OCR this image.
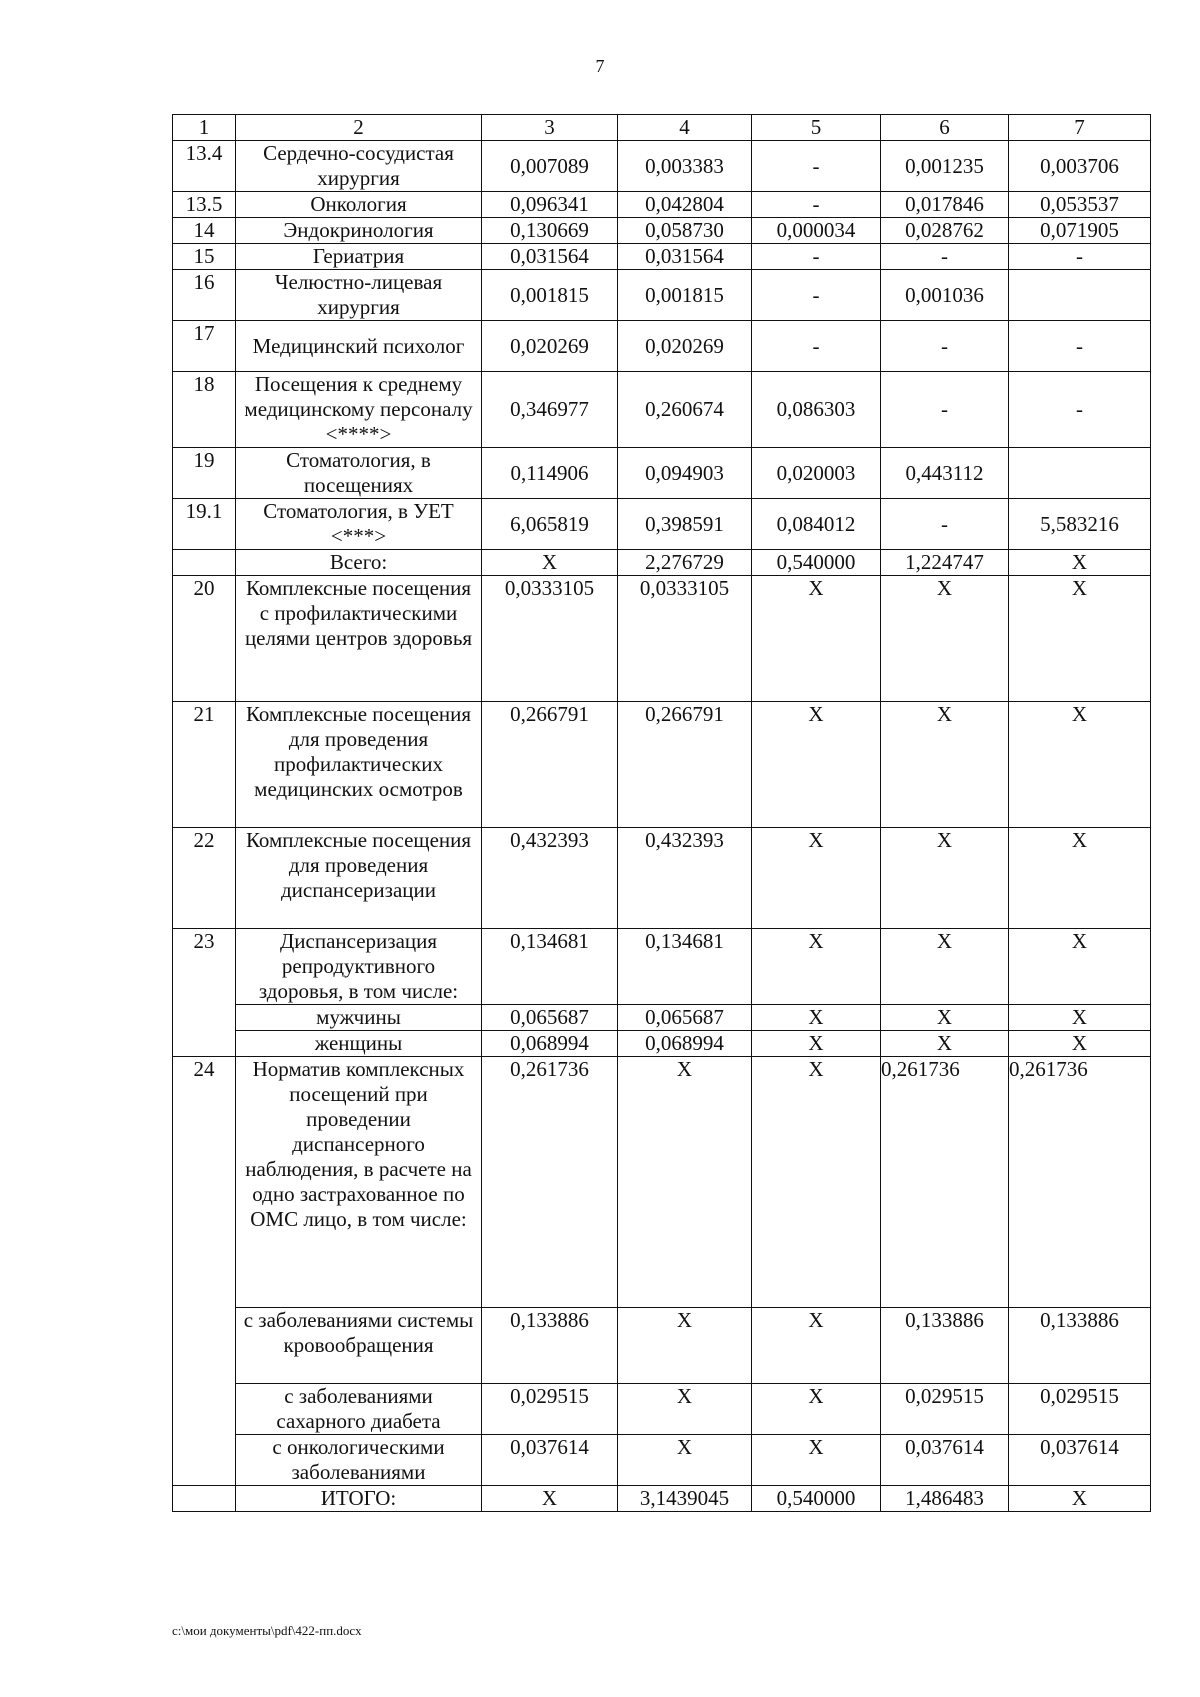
7
1	2	3	4	5	6	7
13.4	Сердечно-сосудистая хирургия	0,007089	0,003383	-	0,001235	0,003706
13.5	Онкология	0,096341	0,042804	-	0,017846	0,053537
14	Эндокринология	0,130669	0,058730	0,000034	0,028762	0,071905
15	Гериатрия	0,031564	0,031564	-	-	-
16	Челюстно-лицевая хирургия	0,001815	0,001815	-	0,001036	
17	Медицинский психолог	0,020269	0,020269	-	-	-
18	Посещения к среднему медицинскому персоналу <****>	0,346977	0,260674	0,086303	-	-
19	Стоматология, в посещениях	0,114906	0,094903	0,020003	0,443112	
19.1	Стоматология, в УЕТ <***>	6,065819	0,398591	0,084012	-	5,583216
	Всего:	X	2,276729	0,540000	1,224747	X
20	Комплексные посещения с профилактическими целями центров здоровья	0,0333105	0,0333105	X	X	X
21	Комплексные посещения для проведения профилактических медицинских осмотров	0,266791	0,266791	X	X	X
22	Комплексные посещения для проведения диспансеризации	0,432393	0,432393	X	X	X
23	Диспансеризация репродуктивного здоровья, в том числе:	0,134681	0,134681	X	X	X
	мужчины	0,065687	0,065687	X	X	X
	женщины	0,068994	0,068994	X	X	X
24	Норматив комплексных посещений при проведении диспансерного наблюдения, в расчете на одно застрахованное по ОМС лицо, в том числе:	0,261736	X	X	0,261736	0,261736
	с заболеваниями системы кровообращения	0,133886	X	X	0,133886	0,133886
	с заболеваниями сахарного диабета	0,029515	X	X	0,029515	0,029515
	с онкологическими заболеваниями	0,037614	X	X	0,037614	0,037614
	ИТОГО:	X	3,1439045	0,540000	1,486483	X
c:\мои документы\pdf\422-пп.docx
